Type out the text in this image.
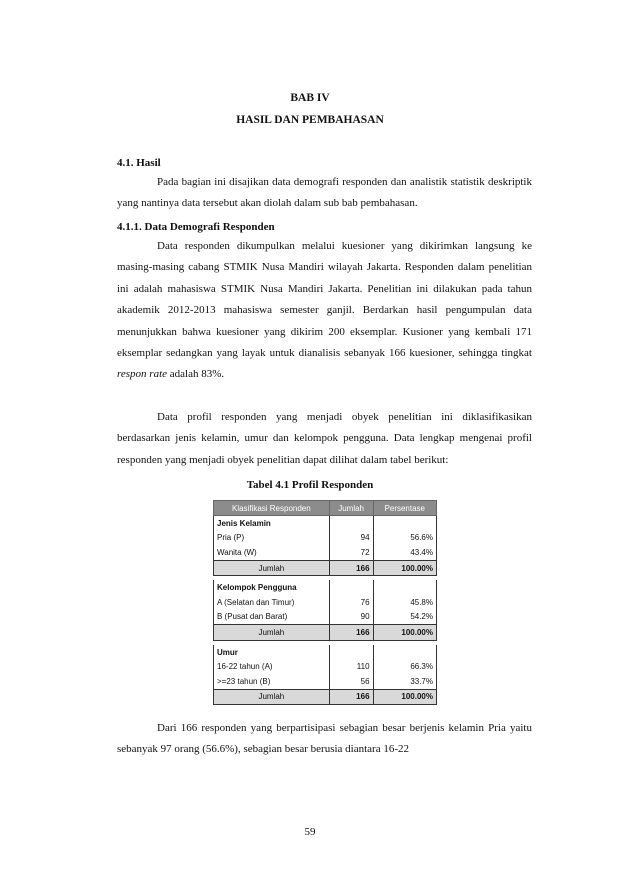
BAB IV
HASIL DAN PEMBAHASAN
4.1. Hasil

Pada bagian ini disajikan data demografi responden dan analistik statistik deskriptik yang nantinya data tersebut akan diolah dalam sub bab pembahasan.

4.1.1. Data Demografi Responden

Data responden dikumpulkan melalui kuesioner yang dikirimkan langsung ke masing-masing cabang STMIK Nusa Mandiri wilayah Jakarta. Responden dalam penelitian ini adalah mahasiswa STMIK Nusa Mandiri Jakarta. Penelitian ini dilakukan pada tahun akademik 2012-2013 mahasiswa semester ganjil. Berdarkan hasil pengumpulan data menunjukkan bahwa kuesioner yang dikirim 200 eksemplar. Kusioner yang kembali 171 eksemplar sedangkan yang layak untuk dianalisis sebanyak 166 kuesioner, sehingga tingkat respon rate adalah 83%.

Data profil responden yang menjadi obyek penelitian ini diklasifikasikan berdasarkan jenis kelamin, umur dan kelompok pengguna. Data lengkap mengenai profil responden yang menjadi obyek penelitian dapat dilihat dalam tabel berikut:

Tabel 4.1 Profil Responden
Klasifikasi Responden	Jumlah	Persentase
Jenis Kelamin		
Pria (P)	94	56.6%
Wanita (W)	72	43.4%
Jumlah	166	100.00%

Kelompok Pengguna		
A (Selatan dan Timur)	76	45.8%
B (Pusat dan Barat)	90	54.2%
Jumlah	166	100.00%

Umur		
16-22 tahun (A)	110	66.3%
>=23 tahun (B)	56	33.7%
Jumlah	166	100.00%

Dari 166 responden yang berpartisipasi sebagian besar berjenis kelamin Pria yaitu sebanyak 97 orang (56.6%), sebagian besar berusia diantara 16-22

59
